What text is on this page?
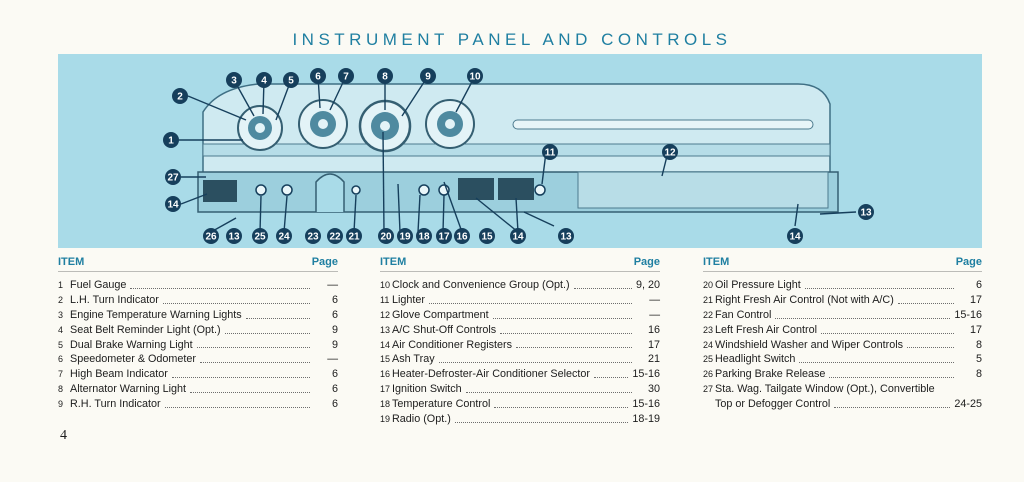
INSTRUMENT PANEL AND CONTROLS
1
2
3 4 5 6 7	8	9	10
11	12
13
14
15
16
17
18
19
20
21
22
23
24
25
26
27
13	13
14	14
ITEM	Page
1 Fuel Gauge	—
2 L.H. Turn Indicator	6
3 Engine Temperature Warning Lights	6
4 Seat Belt Reminder Light (Opt.)	9
5 Dual Brake Warning Light	9
6 Speedometer & Odometer	—
7 High Beam Indicator	6
8 Alternator Warning Light	6
9 R.H. Turn Indicator	6
ITEM	Page
10 Clock and Convenience Group (Opt.)	9, 20
11 Lighter	—
12 Glove Compartment	—
13 A/C Shut-Off Controls	16
14 Air Conditioner Registers	17
15 Ash Tray	21
16 Heater-Defroster-Air Conditioner Selector	15-16
17 Ignition Switch	30
18 Temperature Control	15-16
19 Radio (Opt.)	18-19
ITEM	Page
20 Oil Pressure Light	6
21 Right Fresh Air Control (Not with A/C)	17
22 Fan Control	15-16
23 Left Fresh Air Control	17
24 Windshield Washer and Wiper Controls	8
25 Headlight Switch	5
26 Parking Brake Release	8
27 Sta. Wag. Tailgate Window (Opt.), Convertible
Top or Defogger Control	24-25
4
